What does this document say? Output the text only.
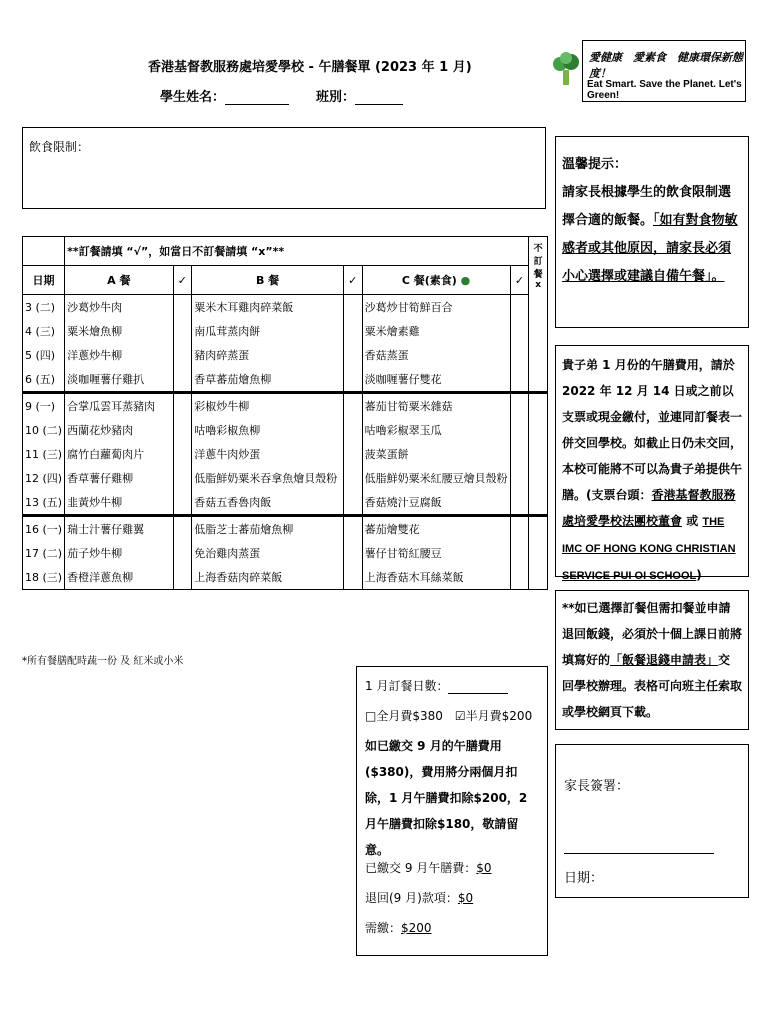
香港基督教服務處培愛學校 - 午膳餐單 (2023 年 1 月)
學生姓名：	班別：
愛健康　愛素食　健康環保新態度！
Eat Smart. Save the Planet. Let's Green!
飲食限制：
	**訂餐請填 “√”，如當日不訂餐請填 “x”**						不訂餐x
日期	A 餐	✓	B 餐	✓	C 餐(素食) ●	✓	
3 (二)	沙葛炒牛肉		粟米木耳雞肉碎菜飯		沙葛炒甘筍鮮百合		
4 (三)	粟米燴魚柳		南瓜茸蒸肉餅		粟米燴素雞		
5 (四)	洋蔥炒牛柳		豬肉碎蒸蛋		香菇蒸蛋		
6 (五)	淡咖喱薯仔雞扒		香草蕃茄燴魚柳		淡咖喱薯仔雙花		
9 (一)	合掌瓜雲耳蒸豬肉		彩椒炒牛柳		蕃茄甘筍粟米雜菇		
10 (二)	西蘭花炒豬肉		咕嚕彩椒魚柳		咕嚕彩椒翠玉瓜		
11 (三)	腐竹白蘿蔔肉片		洋蔥牛肉炒蛋		菠菜蛋餅		
12 (四)	香草薯仔雞柳		低脂鮮奶粟米吞拿魚燴貝殼粉		低脂鮮奶粟米紅腰豆燴貝殼粉		
13 (五)	韭黃炒牛柳		香菇五香魯肉飯		香菇燒汁豆腐飯		
16 (一)	瑞士汁薯仔雞翼		低脂芝士蕃茄燴魚柳		蕃茄燴雙花		
17 (二)	茄子炒牛柳		免治雞肉蒸蛋		薯仔甘筍紅腰豆		
18 (三)	香橙洋蔥魚柳		上海香菇肉碎菜飯		上海香菇木耳絲菜飯		
*所有餐膳配時蔬一份 及 紅米或小米
1 月訂餐日數：
□全月費$380　 ☑半月費$200
如已繳交 9 月的午膳費用($380)，費用將分兩個月扣除，1 月午膳費扣除$200，2 月午膳費扣除$180，敬請留意。
已繳交 9 月午膳費：$0
退回(9 月)款項：$0
需繳：$200

溫馨提示：

請家長根據學生的飲食限制選擇合適的飯餐。「如有對食物敏感者或其他原因，請家長必須小心選擇或建議自備午餐」。

貴子弟 1 月份的午膳費用，請於 2022 年 12 月 14 日或之前以支票或現金繳付，並連同訂餐表一併交回學校。如截止日仍未交回，本校可能將不可以為貴子弟提供午膳。(支票台頭：香港基督教服務處培愛學校法團校董會 或 THE IMC OF HONG KONG CHRISTIAN SERVICE PUI OI SCHOOL)

**如已選擇訂餐但需扣餐並申請退回飯錢，必須於十個上課日前將填寫好的「飯餐退錢申請表」交回學校辦理。表格可向班主任索取或學校網頁下載。

家長簽署：
日期：
